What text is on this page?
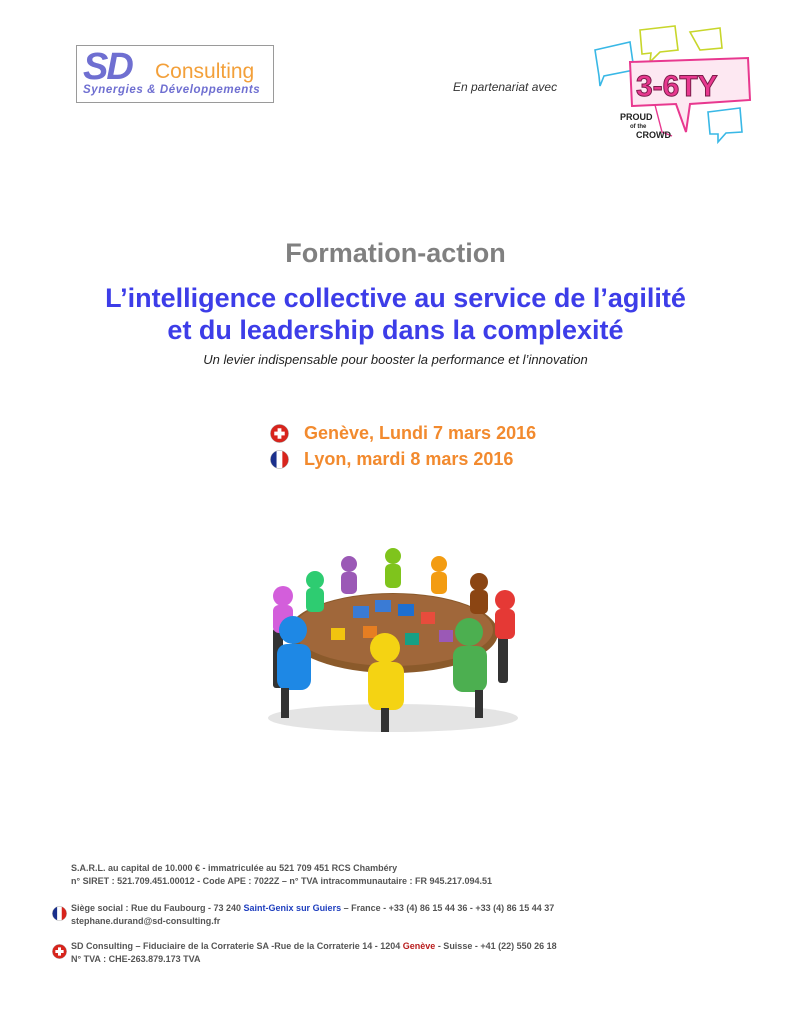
SD Consulting
Synergies & Développements	En partenariat avec	3-6TY
PROUD
of the
CROWD
Formation-action
L’intelligence collective au service de l’agilité
et du leadership dans la complexité
Un levier indispensable pour booster la performance et l’innovation
Genève, Lundi 7 mars 2016
Lyon, mardi 8 mars 2016
S.A.R.L. au capital de 10.000 € - immatriculée au 521 709 451 RCS Chambéry
n° SIRET : 521.709.451.00012 - Code APE : 7022Z – n° TVA intracommunautaire : FR 945.217.094.51
Siège social : Rue du Faubourg - 73 240 Saint-Genix sur Guiers – France - +33 (4) 86 15 44 36 - +33 (4) 86 15 44 37
stephane.durand@sd-consulting.fr
SD Consulting – Fiduciaire de la Corraterie SA -Rue de la Corraterie 14 - 1204 Genève - Suisse - +41 (22) 550 26 18
N° TVA : CHE-263.879.173 TVA
